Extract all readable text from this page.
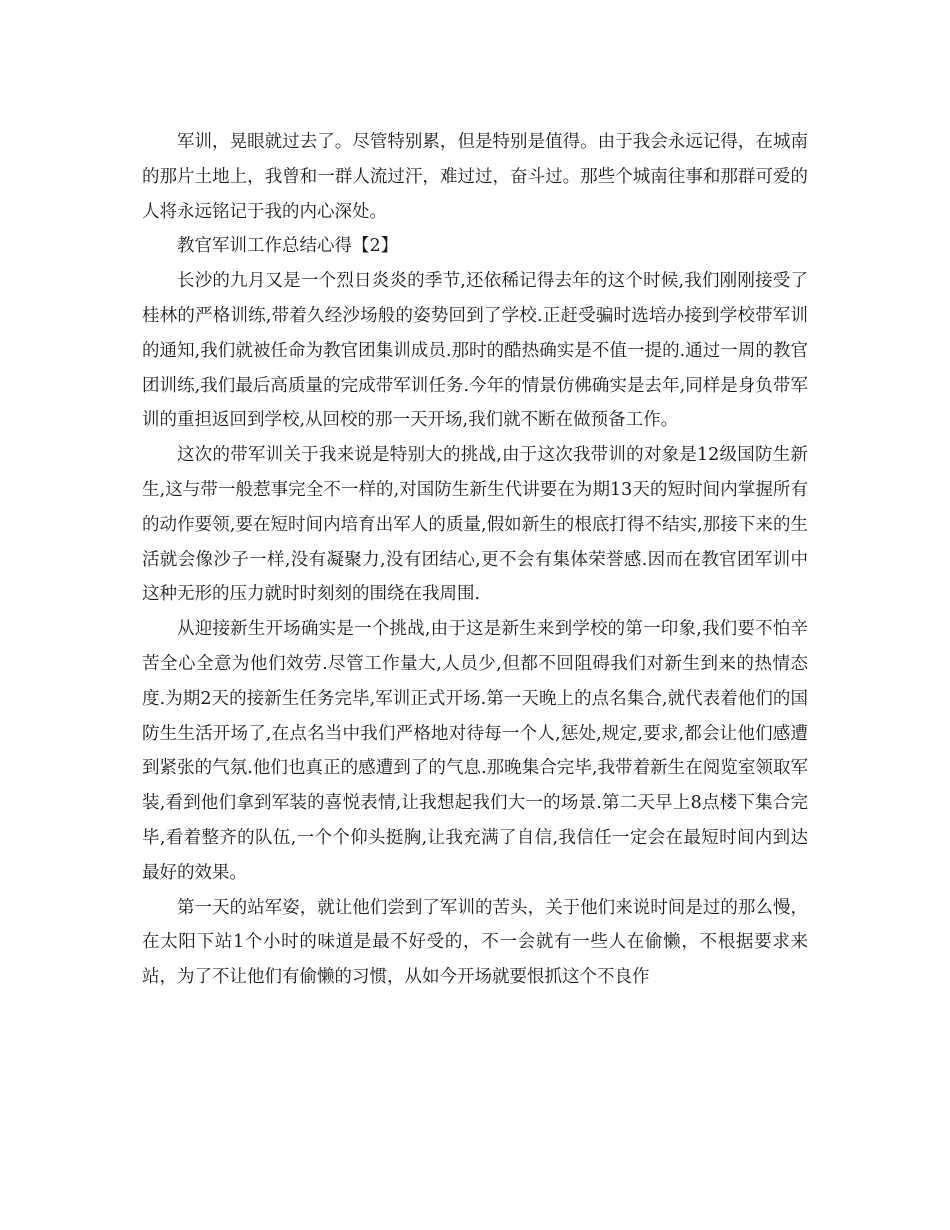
军训，晃眼就过去了。尽管特别累，但是特别是值得。由于我会永远记得，在城南的那片土地上，我曾和一群人流过汗，难过过，奋斗过。那些个城南往事和那群可爱的人将永远铭记于我的内心深处。

教官军训工作总结心得【2】

长沙的九月又是一个烈日炎炎的季节,还依稀记得去年的这个时候,我们刚刚接受了桂林的严格训练,带着久经沙场般的姿势回到了学校.正赶受骗时选培办接到学校带军训的通知,我们就被任命为教官团集训成员.那时的酷热确实是不值一提的.通过一周的教官团训练,我们最后高质量的完成带军训任务.今年的情景仿佛确实是去年,同样是身负带军训的重担返回到学校,从回校的那一天开场,我们就不断在做预备工作。

这次的带军训关于我来说是特别大的挑战,由于这次我带训的对象是12级国防生新生,这与带一般惹事完全不一样的,对国防生新生代讲要在为期13天的短时间内掌握所有的动作要领,要在短时间内培育出军人的质量,假如新生的根底打得不结实,那接下来的生活就会像沙子一样,没有凝聚力,没有团结心,更不会有集体荣誉感.因而在教官团军训中这种无形的压力就时时刻刻的围绕在我周围.

从迎接新生开场确实是一个挑战,由于这是新生来到学校的第一印象,我们要不怕辛苦全心全意为他们效劳.尽管工作量大,人员少,但都不回阻碍我们对新生到来的热情态度.为期2天的接新生任务完毕,军训正式开场.第一天晚上的点名集合,就代表着他们的国防生生活开场了,在点名当中我们严格地对待每一个人,惩处,规定,要求,都会让他们感遭到紧张的气氛.他们也真正的感遭到了的气息.那晚集合完毕,我带着新生在阅览室领取军装,看到他们拿到军装的喜悦表情,让我想起我们大一的场景.第二天早上8点楼下集合完毕,看着整齐的队伍,一个个仰头挺胸,让我充满了自信,我信任一定会在最短时间内到达最好的效果。

第一天的站军姿，就让他们尝到了军训的苦头，关于他们来说时间是过的那么慢，在太阳下站1个小时的味道是最不好受的，不一会就有一些人在偷懒，不根据要求来站，为了不让他们有偷懒的习惯，从如今开场就要恨抓这个不良作
